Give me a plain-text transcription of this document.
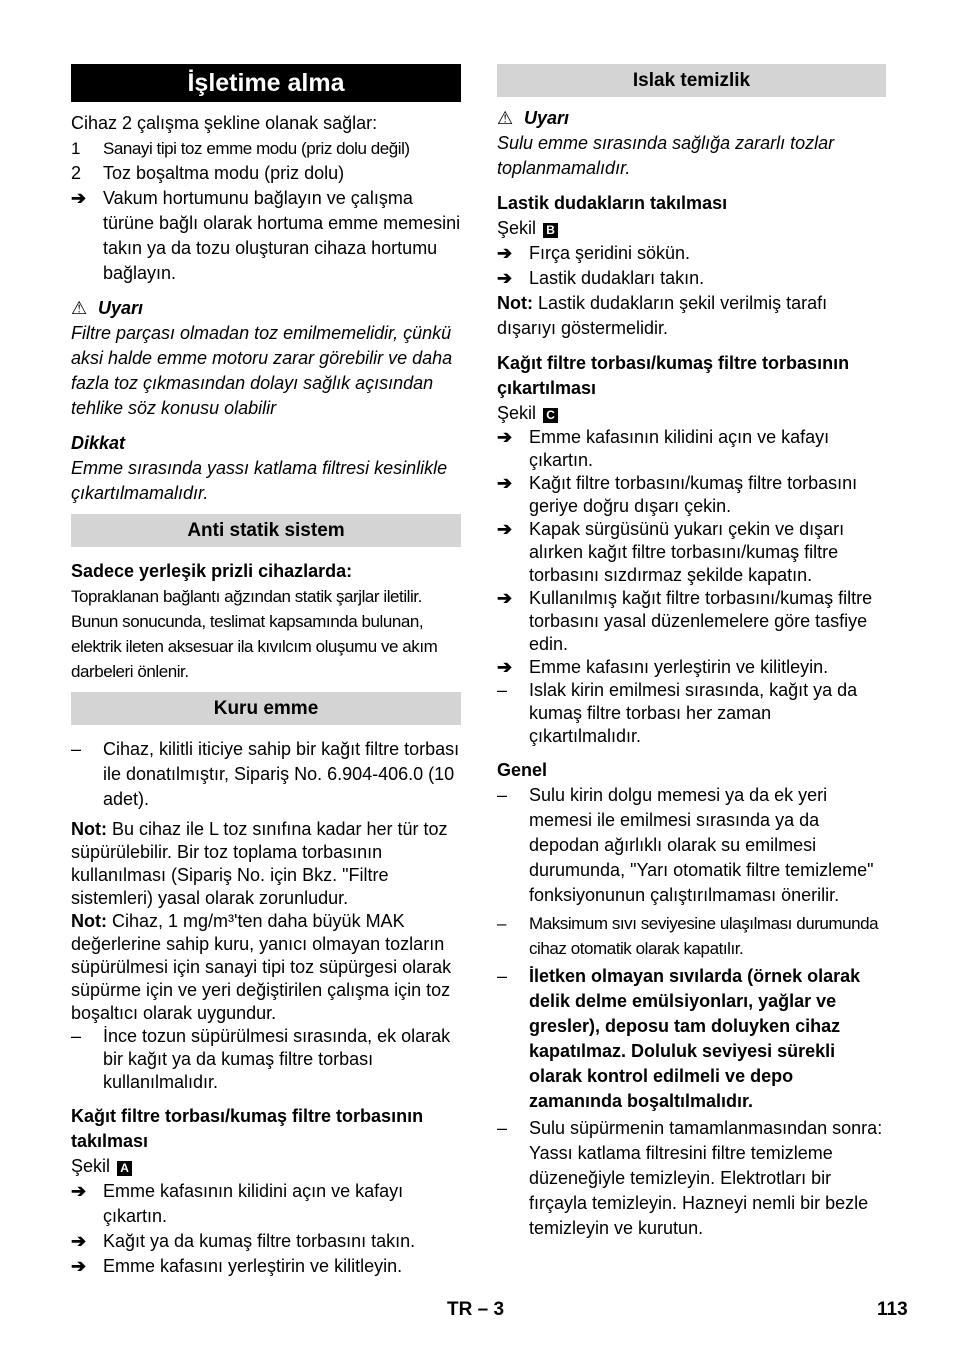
İşletime alma

Cihaz 2 çalışma şekline olanak sağlar:

1	Sanayi tipi toz emme modu (priz dolu değil)
2	Toz boşaltma modu (priz dolu)
➔ Vakum hortumunu bağlayın ve çalışma türüne bağlı olarak hortuma emme memesini takın ya da tozu oluşturan cihaza hortumu bağlayın.
⚠ Uyarı

Filtre parçası olmadan toz emilmemelidir, çünkü aksi halde emme motoru zarar görebilir ve daha fazla toz çıkmasından dolayı sağlık açısından tehlike söz konusu olabilir

Dikkat

Emme sırasında yassı katlama filtresi kesinlikle çıkartılmamalıdır.

Anti statik sistem
Sadece yerleşik prizli cihazlarda:

Topraklanan bağlantı ağzından statik şarjlar iletilir. Bunun sonucunda, teslimat kapsamında bulunan, elektrik ileten aksesuar ila kıvılcım oluşumu ve akım darbeleri önlenir.

Kuru emme
–	Cihaz, kilitli iticiye sahip bir kağıt filtre torbası ile donatılmıştır, Sipariş No. 6.904-406.0 (10 adet).

Not: Bu cihaz ile L toz sınıfına kadar her tür toz süpürülebilir. Bir toz toplama torbasının kullanılması (Sipariş No. için Bkz. "Filtre sistemleri) yasal olarak zorunludur.

Not: Cihaz, 1 mg/m³'ten daha büyük MAK değerlerine sahip kuru, yanıcı olmayan tozların süpürülmesi için sanayi tipi toz süpürgesi olarak süpürme için ve yeri değiştirilen çalışma için toz boşaltıcı olarak uygundur.

–	İnce tozun süpürülmesi sırasında, ek olarak bir kağıt ya da kumaş filtre torbası kullanılmalıdır.
Kağıt filtre torbası/kumaş filtre torbasının takılması

Şekil A

➔ Emme kafasının kilidini açın ve kafayı çıkartın.
➔ Kağıt ya da kumaş filtre torbasını takın.
➔ Emme kafasını yerleştirin ve kilitleyin.
Islak temizlik
⚠ Uyarı

Sulu emme sırasında sağlığa zararlı tozlar toplanmamalıdır.

Lastik dudakların takılması

Şekil B

➔ Fırça şeridini sökün.
➔ Lastik dudakları takın.

Not: Lastik dudakların şekil verilmiş tarafı dışarıyı göstermelidir.

Kağıt filtre torbası/kumaş filtre torbasının çıkartılması

Şekil C

➔ Emme kafasının kilidini açın ve kafayı çıkartın.
➔ Kağıt filtre torbasını/kumaş filtre torbasını geriye doğru dışarı çekin.
➔ Kapak sürgüsünü yukarı çekin ve dışarı alırken kağıt filtre torbasını/kumaş filtre torbasını sızdırmaz şekilde kapatın.
➔ Kullanılmış kağıt filtre torbasını/kumaş filtre torbasını yasal düzenlemelere göre tasfiye edin.
➔ Emme kafasını yerleştirin ve kilitleyin.
–	Islak kirin emilmesi sırasında, kağıt ya da kumaş filtre torbası her zaman çıkartılmalıdır.
Genel
–	Sulu kirin dolgu memesi ya da ek yeri memesi ile emilmesi sırasında ya da depodan ağırlıklı olarak su emilmesi durumunda, "Yarı otomatik filtre temizleme" fonksiyonunun çalıştırılmaması önerilir.
–	Maksimum sıvı seviyesine ulaşılması durumunda cihaz otomatik olarak kapatılır.
–	İletken olmayan sıvılarda (örnek olarak delik delme emülsiyonları, yağlar ve gresler), deposu tam doluyken cihaz kapatılmaz. Doluluk seviyesi sürekli olarak kontrol edilmeli ve depo zamanında boşaltılmalıdır.
–	Sulu süpürmenin tamamlanmasından sonra: Yassı katlama filtresini filtre temizleme düzeneğiyle temizleyin. Elektrotları bir fırçayla temizleyin. Hazneyi nemli bir bezle temizleyin ve kurutun.
TR – 3	113
